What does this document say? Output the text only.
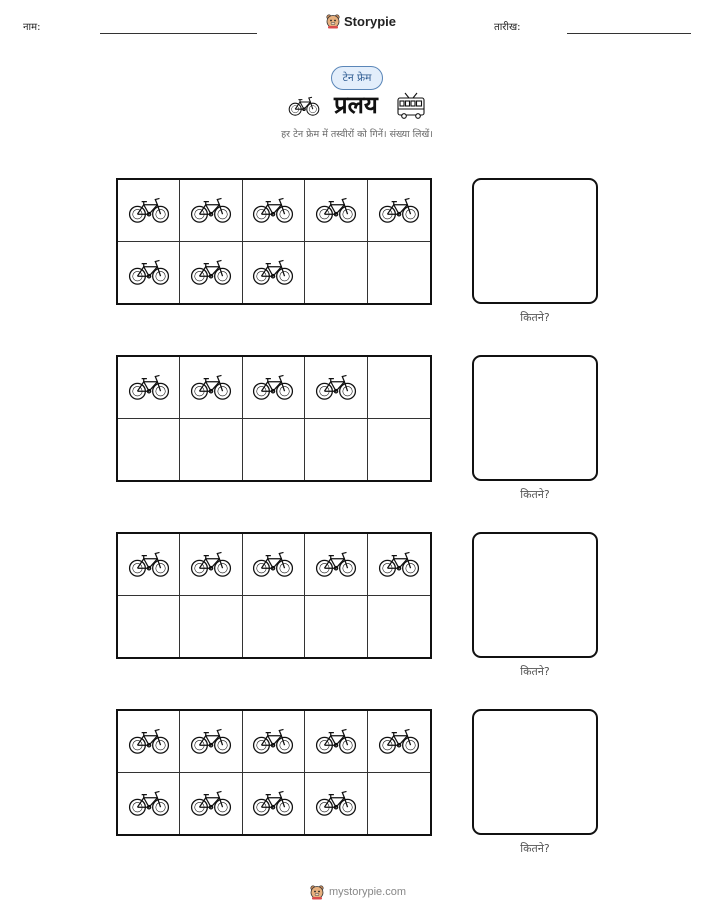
नाम:	Storypie	तारीख:
टेन फ्रेम
प्रलय
हर टेन फ्रेम में तस्वीरों को गिनें। संख्या लिखें।
कितने?
कितने?
कितने?
कितने?
mystorypie.com
